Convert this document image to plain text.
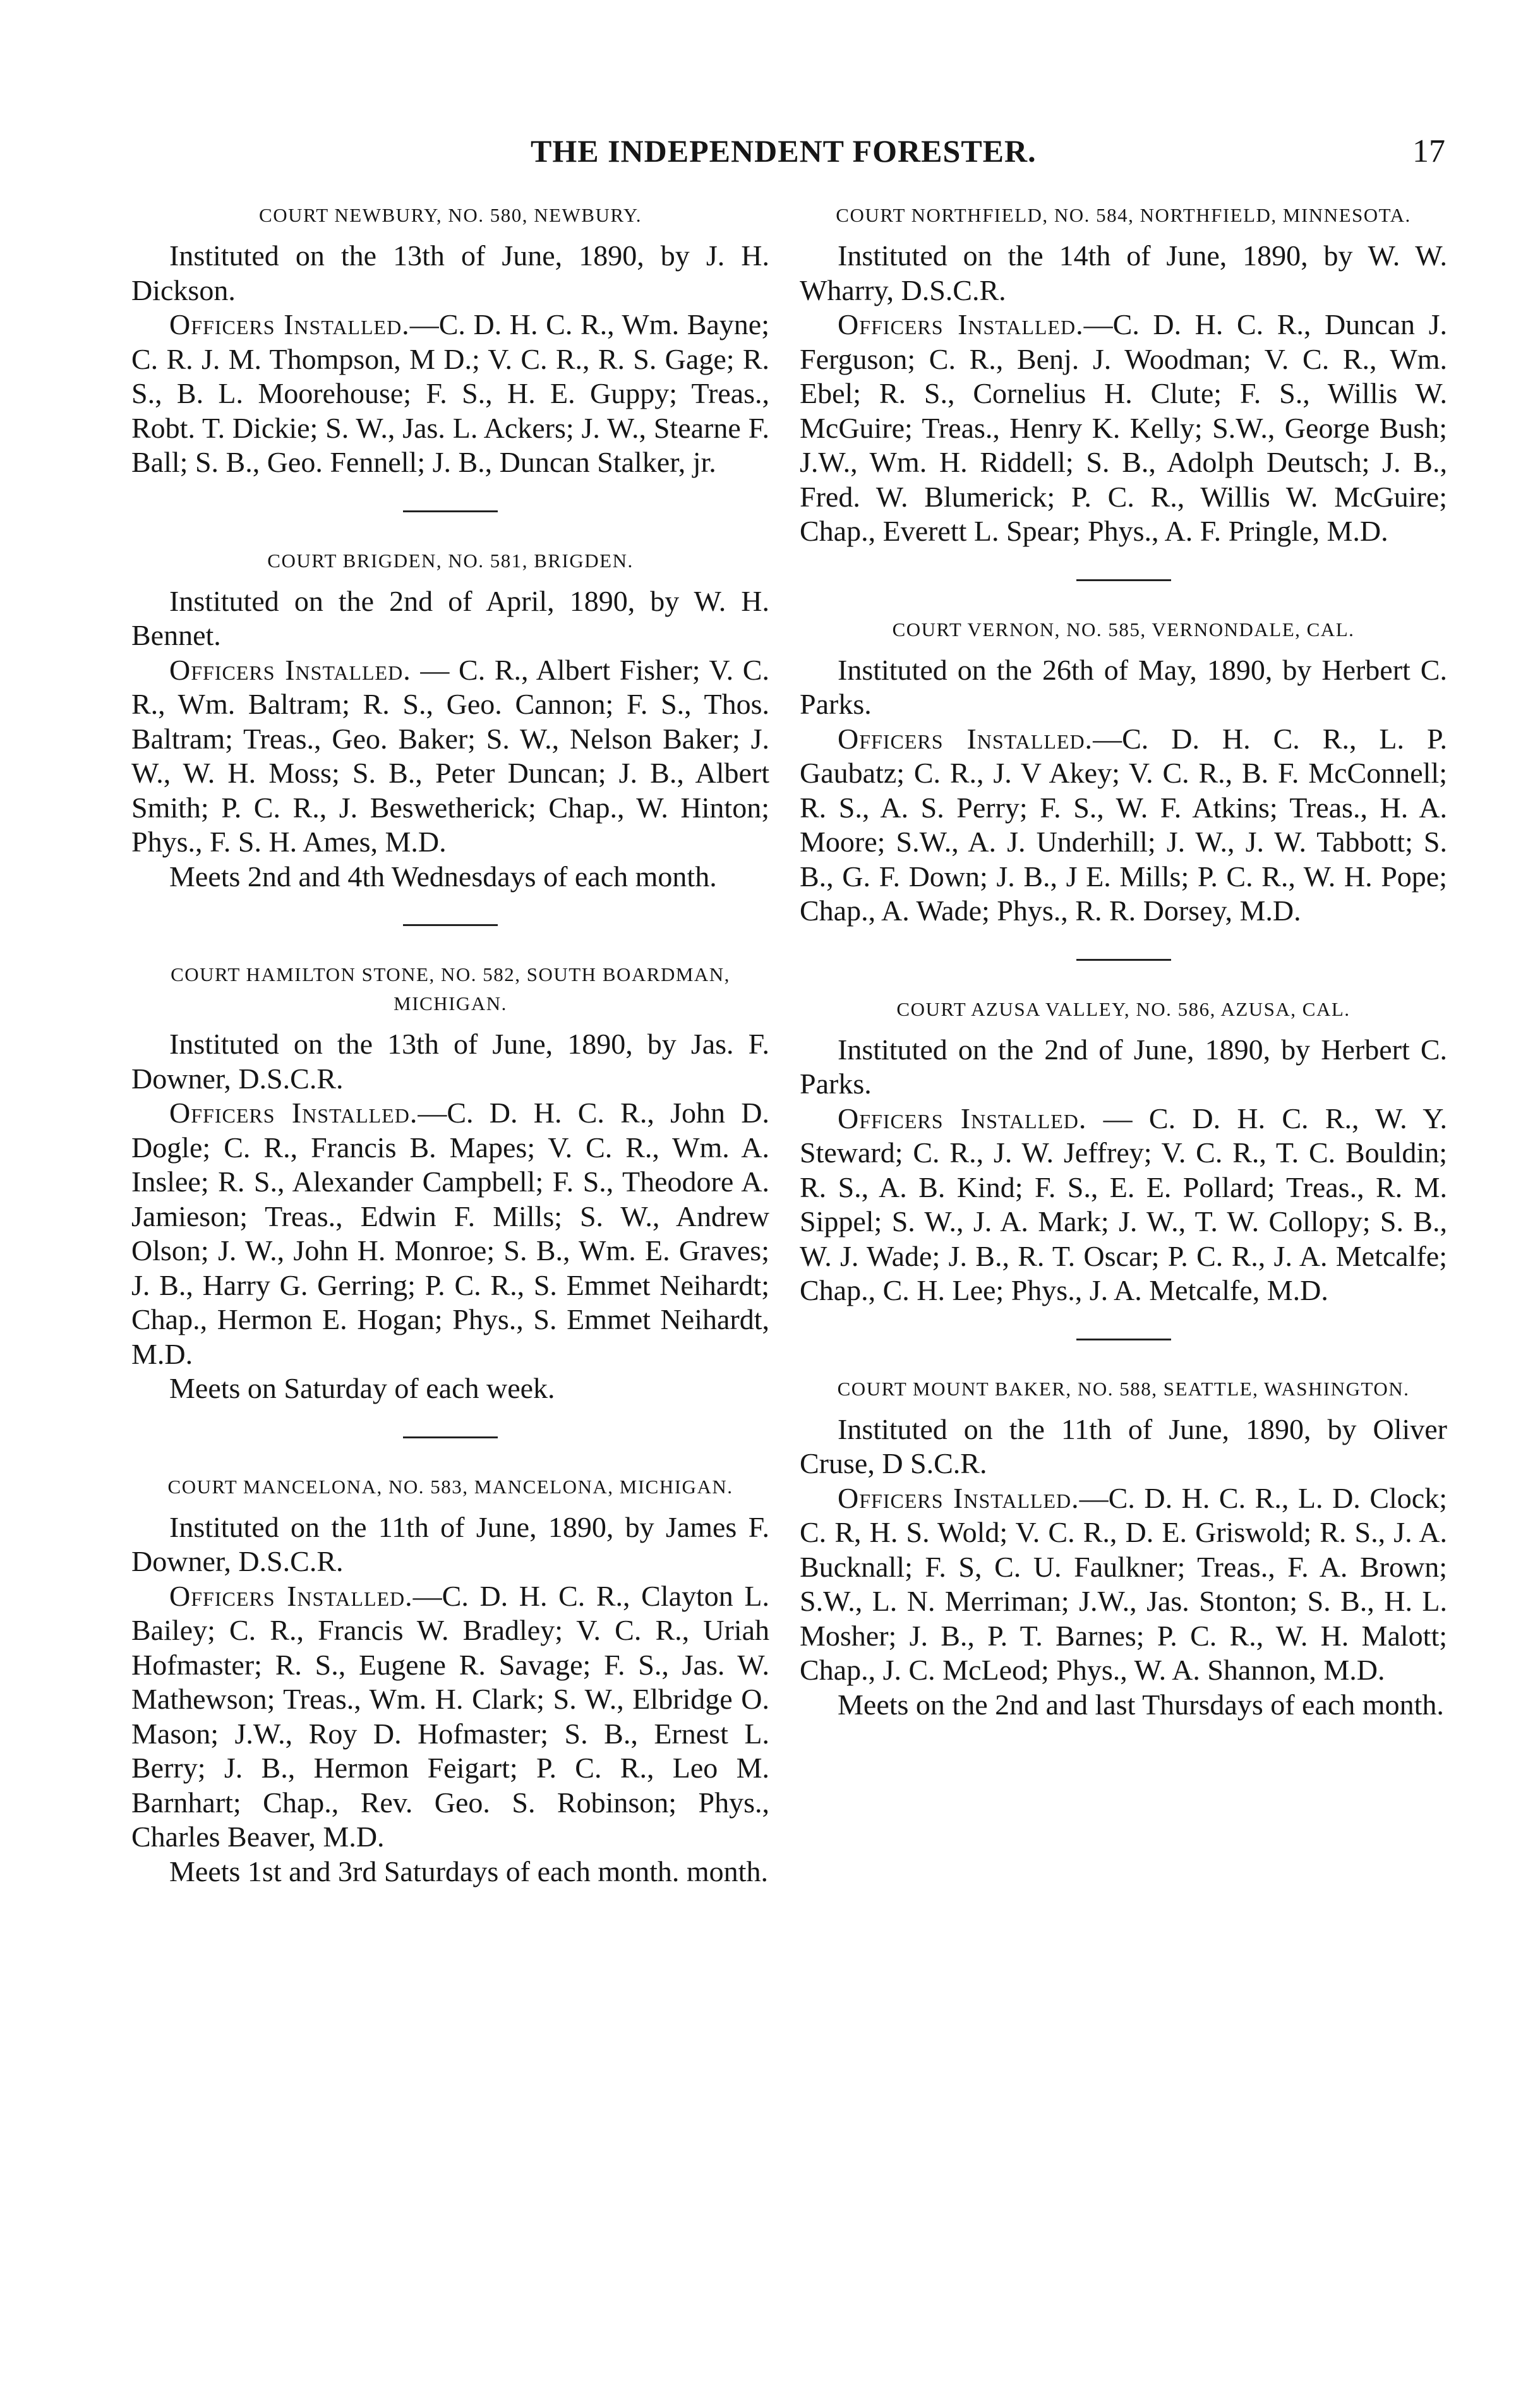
THE INDEPENDENT FORESTER.	17
COURT NEWBURY, NO. 580, NEWBURY.

Instituted on the 13th of June, 1890, by J. H. Dickson.

Officers Installed.—C. D. H. C. R., Wm. Bayne; C. R. J. M. Thompson, M D.; V. C. R., R. S. Gage; R. S., B. L. Moorehouse; F. S., H. E. Guppy; Treas., Robt. T. Dickie; S. W., Jas. L. Ackers; J. W., Stearne F. Ball; S. B., Geo. Fennell; J. B., Duncan Stalker, jr.

COURT BRIGDEN, NO. 581, BRIGDEN.

Instituted on the 2nd of April, 1890, by W. H. Bennet.

Officers Installed. — C. R., Albert Fisher; V. C. R., Wm. Baltram; R. S., Geo. Cannon; F. S., Thos. Baltram; Treas., Geo. Baker; S. W., Nelson Baker; J. W., W. H. Moss; S. B., Peter Duncan; J. B., Albert Smith; P. C. R., J. Beswetherick; Chap., W. Hinton; Phys., F. S. H. Ames, M.D.

Meets 2nd and 4th Wednesdays of each month.

COURT HAMILTON STONE, NO. 582, SOUTH BOARDMAN, MICHIGAN.

Instituted on the 13th of June, 1890, by Jas. F. Downer, D.S.C.R.

Officers Installed.—C. D. H. C. R., John D. Dogle; C. R., Francis B. Mapes; V. C. R., Wm. A. Inslee; R. S., Alexander Campbell; F. S., Theodore A. Jamieson; Treas., Edwin F. Mills; S. W., Andrew Olson; J. W., John H. Monroe; S. B., Wm. E. Graves; J. B., Harry G. Gerring; P. C. R., S. Emmet Neihardt; Chap., Hermon E. Hogan; Phys., S. Emmet Neihardt, M.D.

Meets on Saturday of each week.

COURT MANCELONA, NO. 583, MANCELONA, MICHIGAN.

Instituted on the 11th of June, 1890, by James F. Downer, D.S.C.R.

Officers Installed.—C. D. H. C. R., Clayton L. Bailey; C. R., Francis W. Bradley; V. C. R., Uriah Hofmaster; R. S., Eugene R. Savage; F. S., Jas. W. Mathewson; Treas., Wm. H. Clark; S. W., Elbridge O. Mason; J.W., Roy D. Hofmaster; S. B., Ernest L. Berry; J. B., Hermon Feigart; P. C. R., Leo M. Barnhart; Chap., Rev. Geo. S. Robinson; Phys., Charles Beaver, M.D.

Meets 1st and 3rd Saturdays of each month. month.

COURT NORTHFIELD, NO. 584, NORTHFIELD, MINNESOTA.

Instituted on the 14th of June, 1890, by W. W. Wharry, D.S.C.R.

Officers Installed.—C. D. H. C. R., Duncan J. Ferguson; C. R., Benj. J. Woodman; V. C. R., Wm. Ebel; R. S., Cornelius H. Clute; F. S., Willis W. McGuire; Treas., Henry K. Kelly; S.W., George Bush; J.W., Wm. H. Riddell; S. B., Adolph Deutsch; J. B., Fred. W. Blumerick; P. C. R., Willis W. McGuire; Chap., Everett L. Spear; Phys., A. F. Pringle, M.D.

COURT VERNON, NO. 585, VERNONDALE, CAL.

Instituted on the 26th of May, 1890, by Herbert C. Parks.

Officers Installed.—C. D. H. C. R., L. P. Gaubatz; C. R., J. V Akey; V. C. R., B. F. McConnell; R. S., A. S. Perry; F. S., W. F. Atkins; Treas., H. A. Moore; S.W., A. J. Underhill; J. W., J. W. Tabbott; S. B., G. F. Down; J. B., J E. Mills; P. C. R., W. H. Pope; Chap., A. Wade; Phys., R. R. Dorsey, M.D.

COURT AZUSA VALLEY, NO. 586, AZUSA, CAL.

Instituted on the 2nd of June, 1890, by Herbert C. Parks.

Officers Installed. — C. D. H. C. R., W. Y. Steward; C. R., J. W. Jeffrey; V. C. R., T. C. Bouldin; R. S., A. B. Kind; F. S., E. E. Pollard; Treas., R. M. Sippel; S. W., J. A. Mark; J. W., T. W. Collopy; S. B., W. J. Wade; J. B., R. T. Oscar; P. C. R., J. A. Metcalfe; Chap., C. H. Lee; Phys., J. A. Metcalfe, M.D.

COURT MOUNT BAKER, NO. 588, SEATTLE, WASHINGTON.

Instituted on the 11th of June, 1890, by Oliver Cruse, D S.C.R.

Officers Installed.—C. D. H. C. R., L. D. Clock; C. R, H. S. Wold; V. C. R., D. E. Griswold; R. S., J. A. Bucknall; F. S, C. U. Faulkner; Treas., F. A. Brown; S.W., L. N. Merriman; J.W., Jas. Stonton; S. B., H. L. Mosher; J. B., P. T. Barnes; P. C. R., W. H. Malott; Chap., J. C. McLeod; Phys., W. A. Shannon, M.D.

Meets on the 2nd and last Thursdays of each month.
